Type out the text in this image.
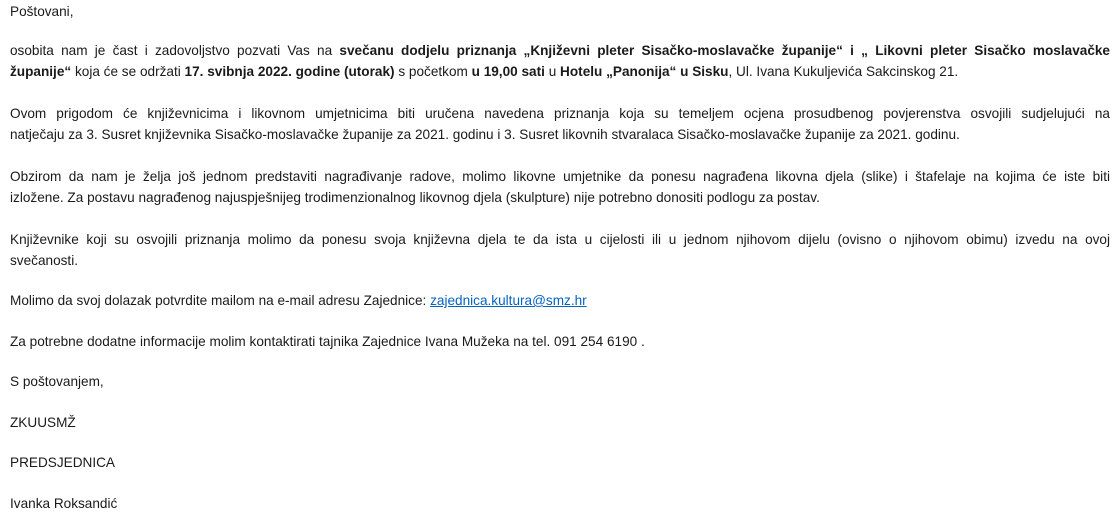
Poštovani,

osobita nam je čast i zadovoljstvo pozvati Vas na svečanu dodjelu priznanja „Književni pleter Sisačko-moslavačke županije“ i „ Likovni pleter Sisačko moslavačke
županije“ koja će se održati 17. svibnja 2022. godine (utorak) s početkom u 19,00 sati u Hotelu „Panonija“ u Sisku, Ul. Ivana Kukuljevića Sakcinskog 21.
Ovom prigodom će književnicima i likovnom umjetnicima biti uručena navedena priznanja koja su temeljem ocjena prosudbenog povjerenstva osvojili sudjelujući na
natječaju za 3. Susret književnika Sisačko-moslavačke županije za 2021. godinu i 3. Susret likovnih stvaralaca Sisačko-moslavačke županije za 2021. godinu.
Obzirom da nam je želja još jednom predstaviti nagrađivanje radove, molimo likovne umjetnike da ponesu nagrađena likovna djela (slike) i štafelaje na kojima će iste biti
izložene. Za postavu nagrađenog najuspješnijeg trodimenzionalnog likovnog djela (skulpture) nije potrebno donositi podlogu za postav.
Književnike koji su osvojili priznanja molimo da ponesu svoja književna djela te da ista u cijelosti ili u jednom njihovom dijelu (ovisno o njihovom obimu) izvedu na ovoj
svečanosti.

Molimo da svoj dolazak potvrdite mailom na e-mail adresu Zajednice: zajednica.kultura@smz.hr

Za potrebne dodatne informacije molim kontaktirati tajnika Zajednice Ivana Mužeka na tel. 091 254 6190 .

S poštovanjem,

ZKUUSMŽ

PREDSJEDNICA

Ivanka Roksandić
